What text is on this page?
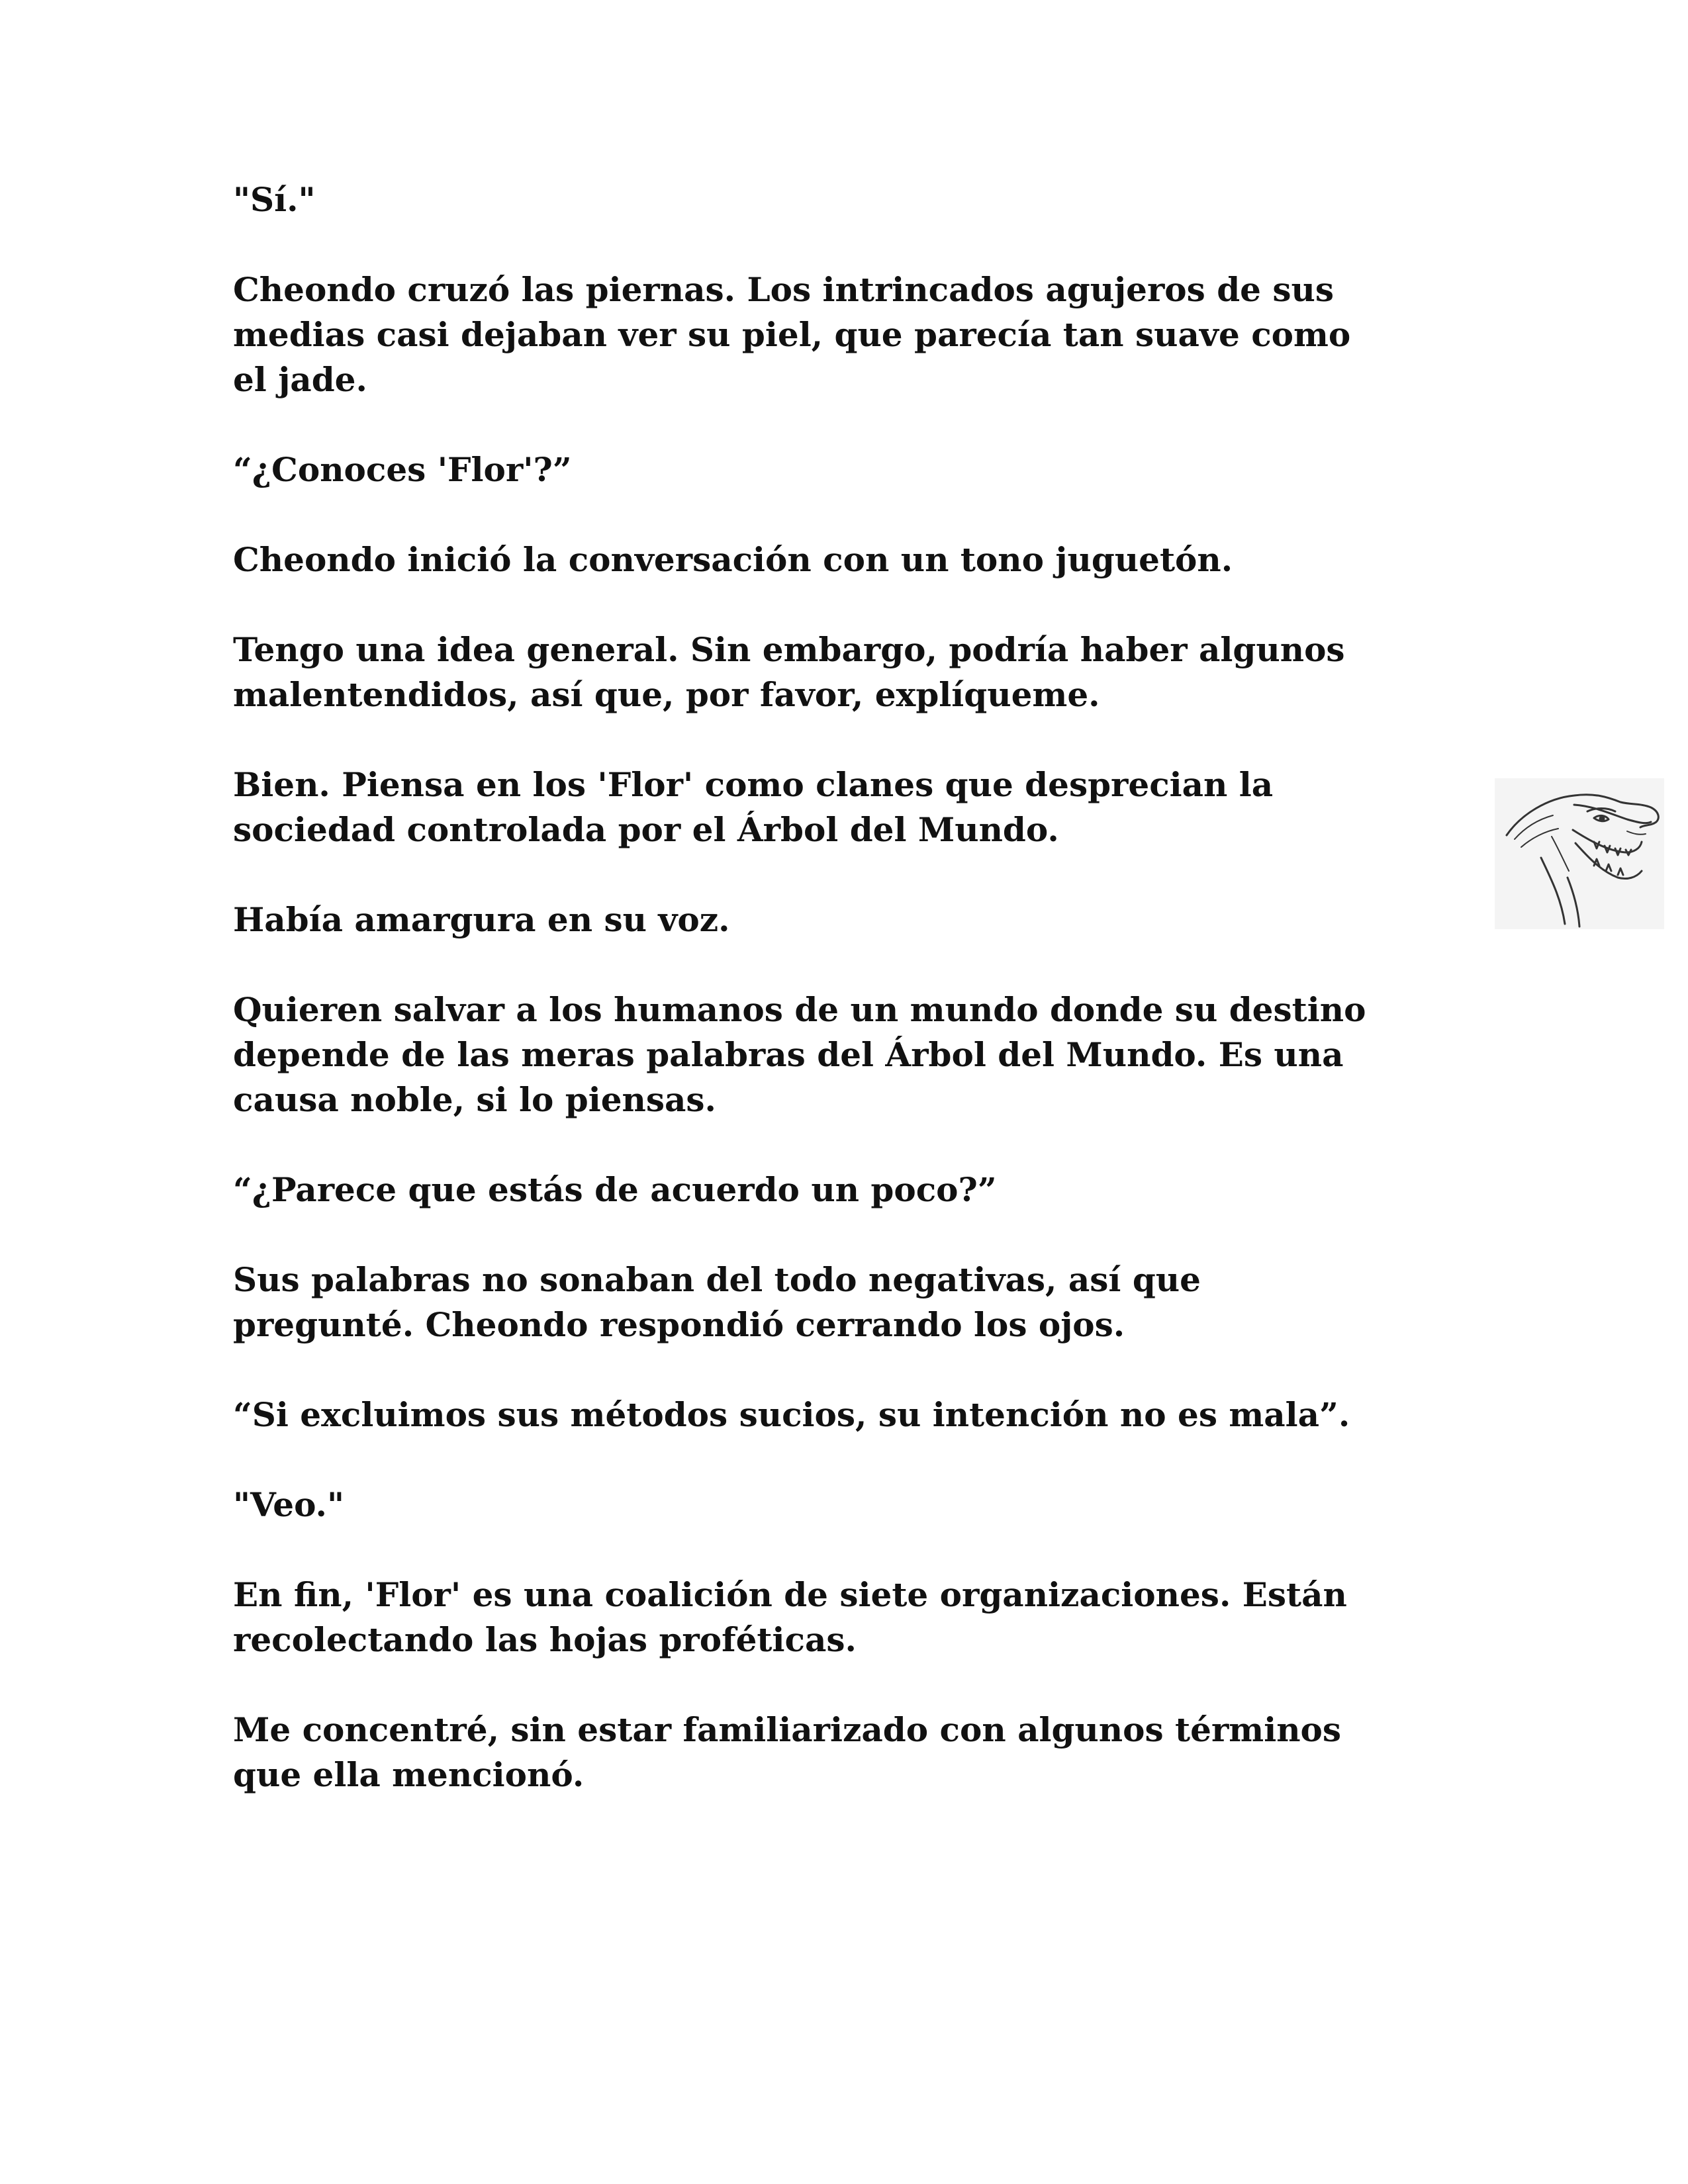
"Sí."

Cheondo cruzó las piernas. Los intrincados agujeros de sus
medias casi dejaban ver su piel, que parecía tan suave como
el jade.

“¿Conoces 'Flor'?”

Cheondo inició la conversación con un tono juguetón.

Tengo una idea general. Sin embargo, podría haber algunos
malentendidos, así que, por favor, explíqueme.

Bien. Piensa en los 'Flor' como clanes que desprecian la
sociedad controlada por el Árbol del Mundo.

Había amargura en su voz.

Quieren salvar a los humanos de un mundo donde su destino
depende de las meras palabras del Árbol del Mundo. Es una
causa noble, si lo piensas.

“¿Parece que estás de acuerdo un poco?”

Sus palabras no sonaban del todo negativas, así que
pregunté. Cheondo respondió cerrando los ojos.

“Si excluimos sus métodos sucios, su intención no es mala”.

"Veo."

En fin, 'Flor' es una coalición de siete organizaciones. Están
recolectando las hojas proféticas.

Me concentré, sin estar familiarizado con algunos términos
que ella mencionó.
